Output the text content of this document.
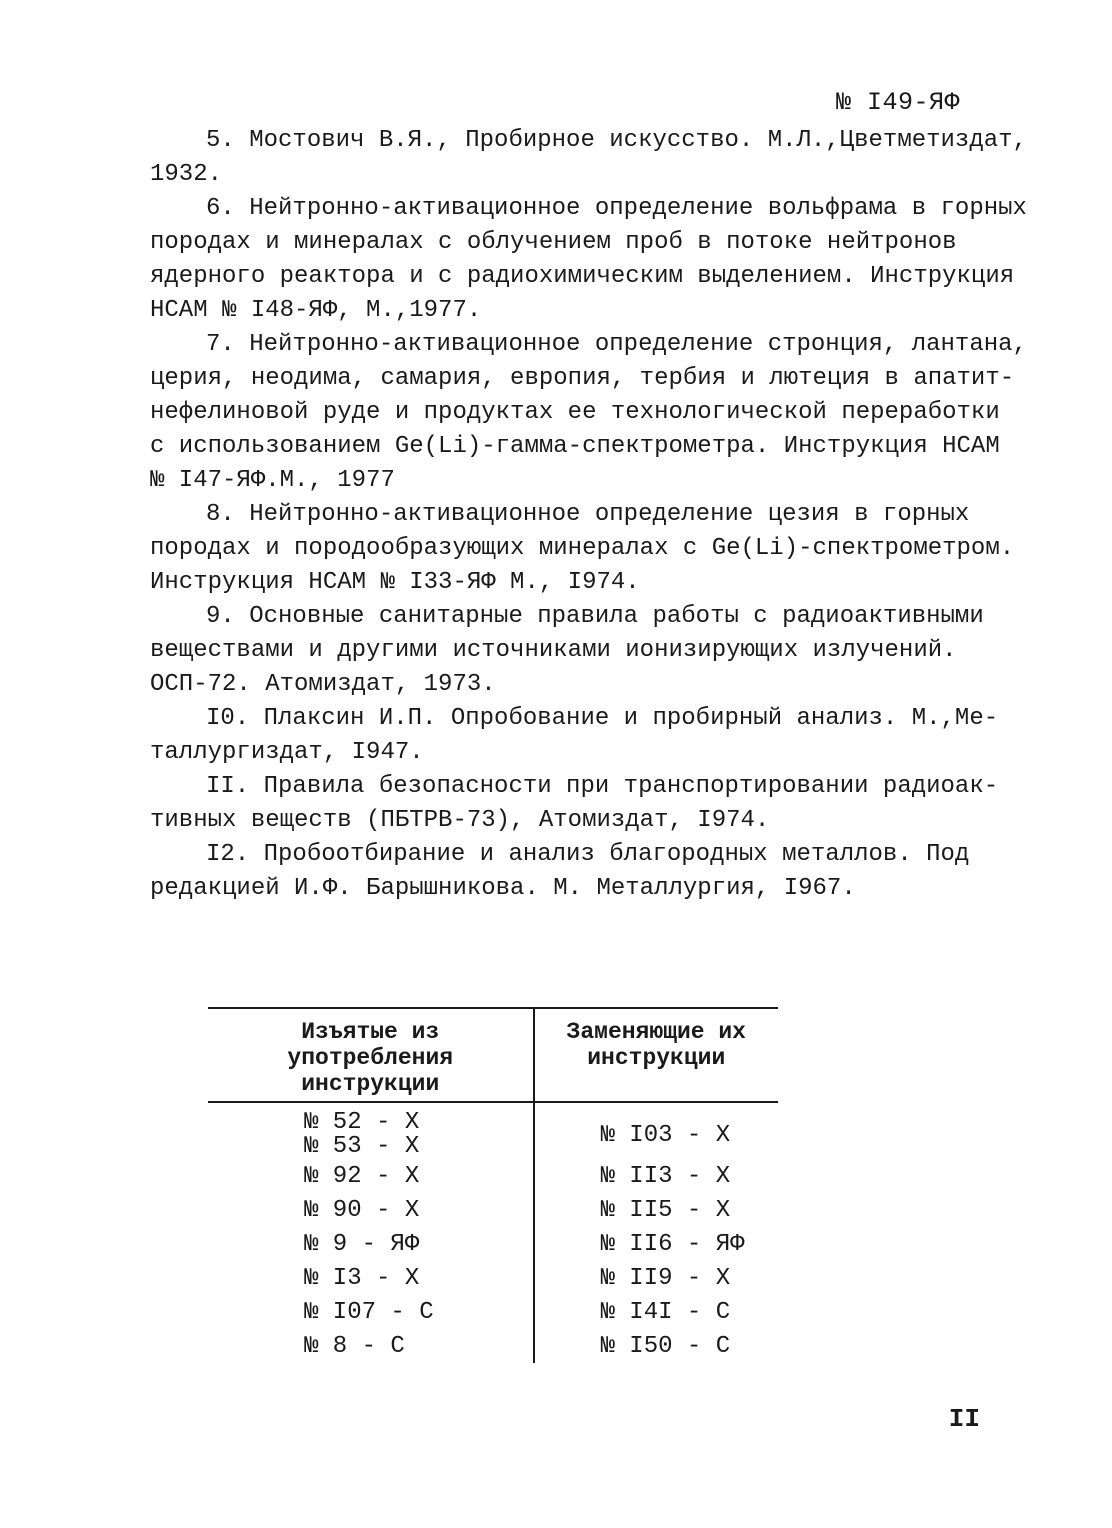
№ I49-ЯФ
5. Мостович В.Я., Пробирное искусство. М.Л.,Цветметиздат,
1932.
6. Нейтронно-активационное определение вольфрама в горных
породах и минералах с облучением проб в потоке нейтронов
ядерного реактора и с радиохимическим выделением. Инструкция
НСАМ № I48-ЯФ, М.,1977.
7. Нейтронно-активационное определение стронция, лантана,
церия, неодима, самария, европия, тербия и лютеция в апатит-
нефелиновой руде и продуктах ее технологической переработки
с использованием Ge(Li)-гамма-спектрометра. Инструкция НСАМ
№ I47-ЯФ.М., 1977
8. Нейтронно-активационное определение цезия в горных
породах и породообразующих минералах с Ge(Li)-спектрометром.
Инструкция НСАМ № I33-ЯФ М., I974.
9. Основные санитарные правила работы с радиоактивными
веществами и другими источниками ионизирующих излучений.
ОСП-72. Атомиздат, 1973.
I0. Плаксин И.П. Опробование и пробирный анализ. М.,Ме-
таллургиздат, I947.
II. Правила безопасности при транспортировании радиоак-
тивных веществ (ПБТРВ-73), Атомиздат, I974.
I2. Пробоотбирание и анализ благородных металлов. Под
редакцией И.Ф. Барышникова. М. Металлургия, I967.
Изъятые из употребления инструкции	Заменяющие их инструкции

№ 52 - Х
№ 53 - Х	№ I03 - Х

№ 92 - Х	№ II3 - Х

№ 90 - Х	№ II5 - Х

№ 9 - ЯФ	№ II6 - ЯФ

№ I3 - Х	№ II9 - Х

№ I07 - С	№ I4I - С

№ 8 - С	№ I50 - С
II
